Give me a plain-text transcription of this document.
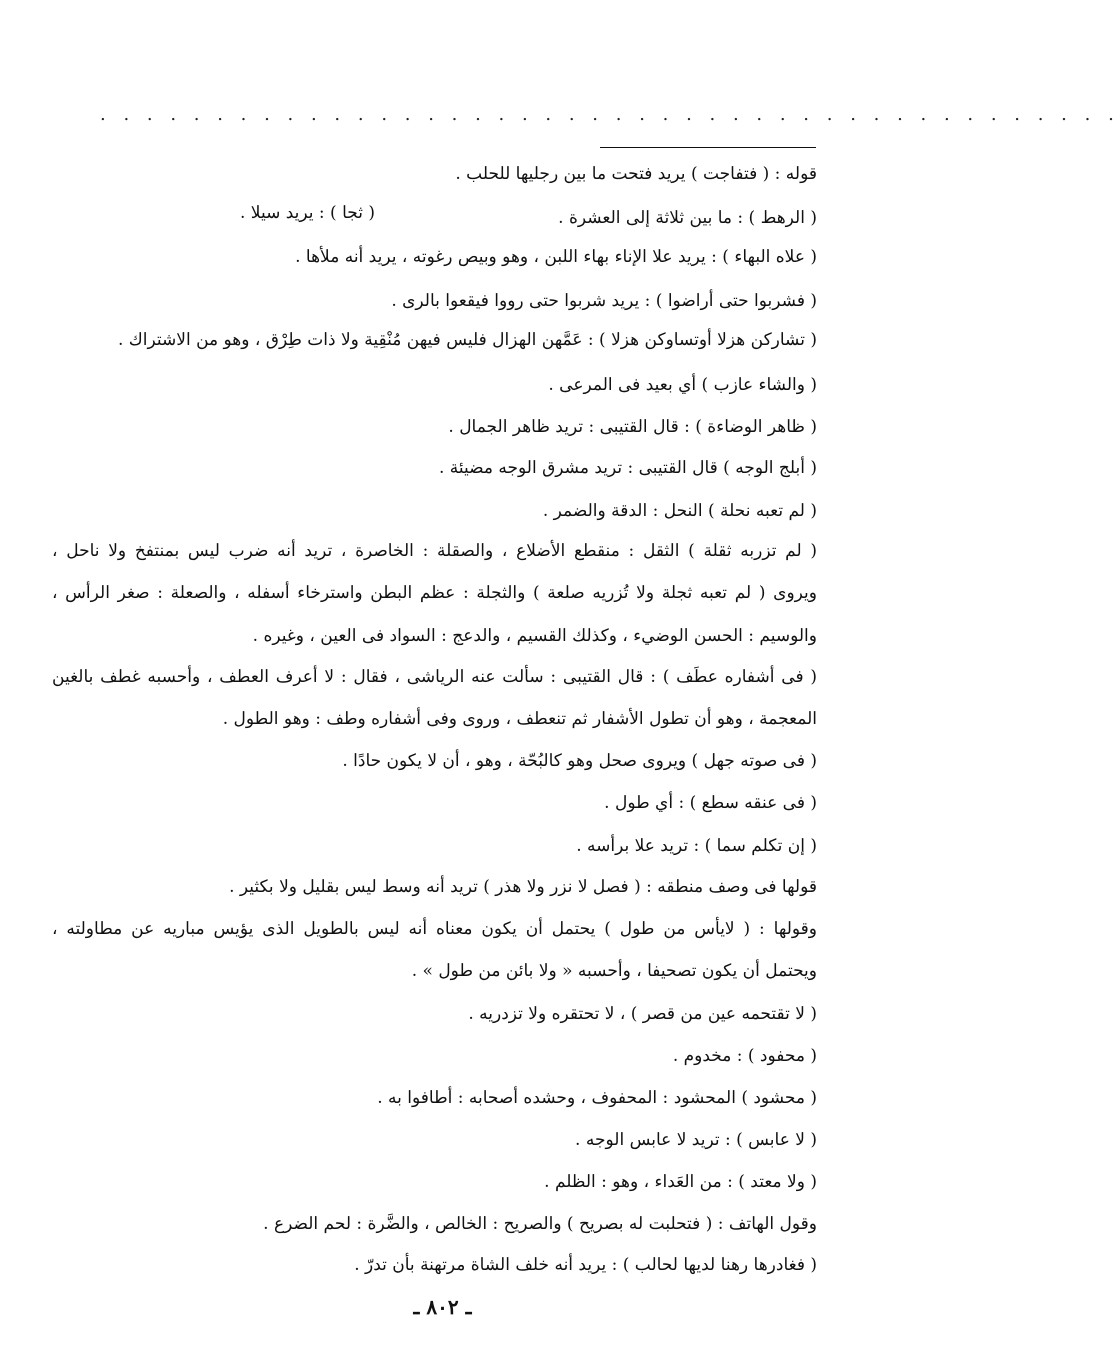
. . . . . . . . . . . . . . . . . . . . . . . . . . . . . . . . . . . . . . . . . . . .
قوله : ( فتفاجت ) يريد فتحت ما بين رجليها للحلب .
( الرهط ) : ما بين ثلاثة إلى العشرة .
( ثجا ) : يريد سيلا .
( علاه البهاء ) : يريد علا الإناء بهاء اللبن ، وهو وبيص رغوته ، يريد أنه ملأها .
( فشربوا حتى أراضوا ) : يريد شربوا حتى رووا فيقعوا بالرى .
( تشاركن هزلا أوتساوكن هزلا ) : عَمَّهن الهزال فليس فيهن مُنْقِية ولا ذات طِرْق ، وهو من الاشتراك .
( والشاء عازب ) أي بعيد فى المرعى .
( ظاهر الوضاءة ) : قال القتيبى : تريد ظاهر الجمال .
( أبلج الوجه ) قال القتيبى : تريد مشرق الوجه مضيئة .
( لم تعبه نحلة ) النحل : الدقة والضمر .
( لم تزربه ثقلة ) الثقل : منقطع الأضلاع ، والصقلة : الخاصرة ، تريد أنه ضرب ليس بمنتفخ ولا ناحل ،
ويروى ( لم تعبه ثجلة ولا تُزريه صلعة ) والثجلة : عظم البطن واسترخاء أسفله ، والصعلة : صغر الرأس ،
والوسيم : الحسن الوضيء ، وكذلك القسيم ، والدعج : السواد فى العين ، وغيره .
( فى أشفاره عطَف ) : قال القتيبى : سألت عنه الرياشى ، فقال : لا أعرف العطف ، وأحسبه غطف بالغين
المعجمة ، وهو أن تطول الأشفار ثم تنعطف ، وروى وفى أشفاره وطف : وهو الطول .
( فى صوته جهل ) ويروى صحل وهو كالبُحّة ، وهو ، أن لا يكون حادًا .
( فى عنقه سطع ) : أي طول .
( إن تكلم سما ) : تريد علا برأسه .
قولها فى وصف منطقه : ( فصل لا نزر ولا هذر ) تريد أنه وسط ليس بقليل ولا بكثير .
وقولها : ( لايأس من طول ) يحتمل أن يكون معناه أنه ليس بالطويل الذى يؤيس مباريه عن مطاولته ،
ويحتمل أن يكون تصحيفا ، وأحسبه « ولا بائن من طول » .
( لا تقتحمه عين من قصر ) ، لا تحتقره ولا تزدريه .
( محفود ) : مخدوم .
( محشود ) المحشود : المحفوف ، وحشده أصحابه : أطافوا به .
( لا عابس ) : تريد لا عابس الوجه .
( ولا معتد ) : من العَداء ، وهو : الظلم .
وقول الهاتف : ( فتحلبت له بصريح ) والصريح : الخالص ، والضَّرة : لحم الضرع .
( فغادرها رهنا لديها لحالب ) : يريد أنه خلف الشاة مرتهنة بأن تدرّ .
ـ ٨٠٢ ـ
